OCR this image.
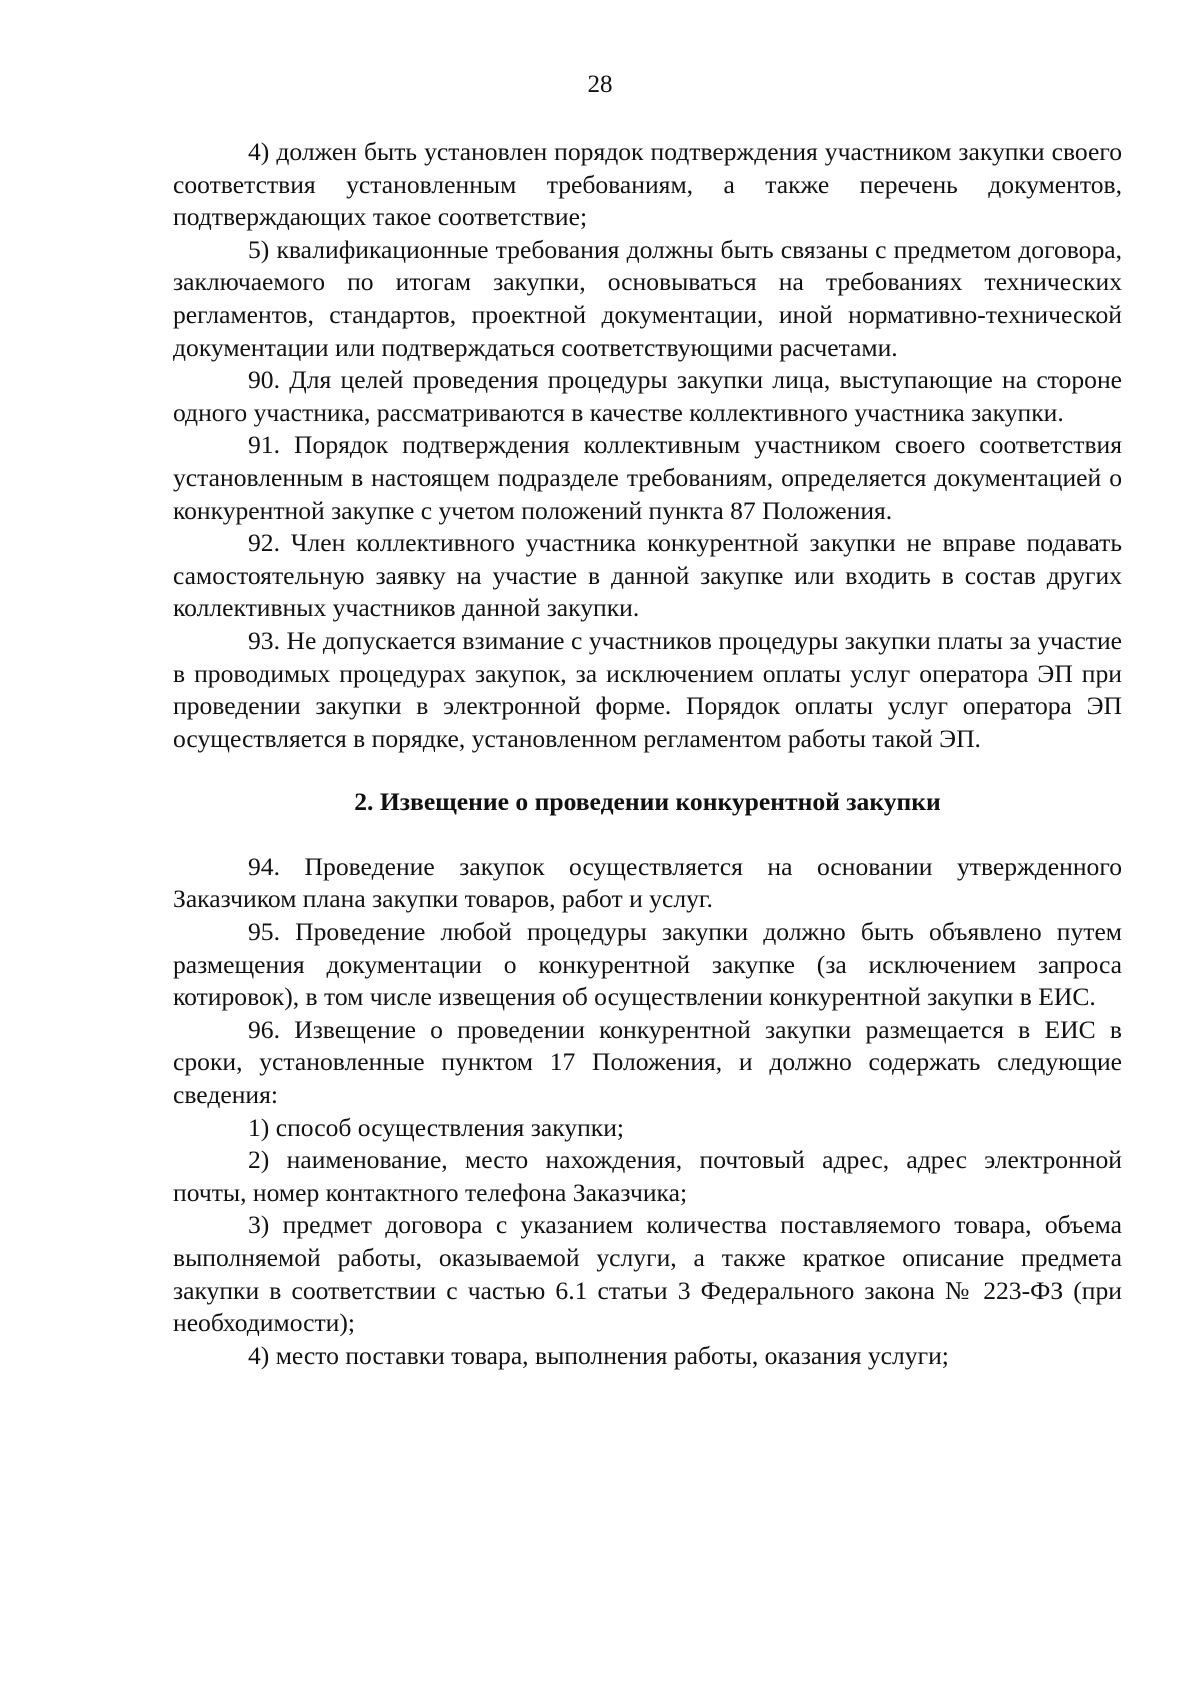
28

4) должен быть установлен порядок подтверждения участником закупки своего соответствия установленным требованиям, а также перечень документов, подтверждающих такое соответствие;

5) квалификационные требования должны быть связаны с предметом договора, заключаемого по итогам закупки, основываться на требованиях технических регламентов, стандартов, проектной документации, иной нормативно-технической документации или подтверждаться соответствующими расчетами.

90. Для целей проведения процедуры закупки лица, выступающие на стороне одного участника, рассматриваются в качестве коллективного участника закупки.

91. Порядок подтверждения коллективным участником своего соответствия установленным в настоящем подразделе требованиям, определяется документацией о конкурентной закупке с учетом положений пункта 87 Положения.

92. Член коллективного участника конкурентной закупки не вправе подавать самостоятельную заявку на участие в данной закупке или входить в состав других коллективных участников данной закупки.

93. Не допускается взимание с участников процедуры закупки платы за участие в проводимых процедурах закупок, за исключением оплаты услуг оператора ЭП при проведении закупки в электронной форме. Порядок оплаты услуг оператора ЭП осуществляется в порядке, установленном регламентом работы такой ЭП.

2. Извещение о проведении конкурентной закупки

94. Проведение закупок осуществляется на основании утвержденного Заказчиком плана закупки товаров, работ и услуг.

95. Проведение любой процедуры закупки должно быть объявлено путем размещения документации о конкурентной закупке (за исключением запроса котировок), в том числе извещения об осуществлении конкурентной закупки в ЕИС.

96. Извещение о проведении конкурентной закупки размещается в ЕИС в сроки, установленные пунктом 17 Положения, и должно содержать следующие сведения:

1) способ осуществления закупки;

2) наименование, место нахождения, почтовый адрес, адрес электронной почты, номер контактного телефона Заказчика;

3) предмет договора с указанием количества поставляемого товара, объема выполняемой работы, оказываемой услуги, а также краткое описание предмета закупки в соответствии с частью 6.1 статьи 3 Федерального закона № 223-ФЗ (при необходимости);

4) место поставки товара, выполнения работы, оказания услуги;
